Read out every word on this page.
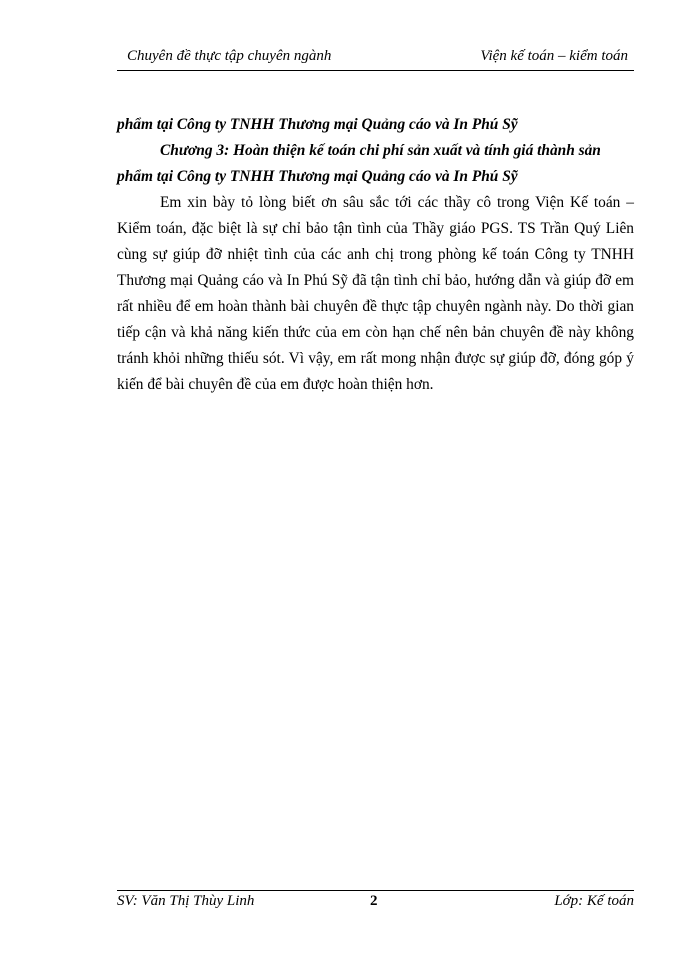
Chuyên đề thực tập chuyên ngành	Viện kế toán – kiểm toán

phẩm tại Công ty TNHH Thương mại Quảng cáo và In Phú Sỹ

Chương 3: Hoàn thiện kế toán chi phí sản xuất và tính giá thành sản

phẩm tại Công ty TNHH Thương mại Quảng cáo và In Phú Sỹ

Em xin bày tỏ lòng biết ơn sâu sắc tới các thầy cô trong Viện Kế toán – Kiểm toán, đặc biệt là sự chỉ bảo tận tình của Thầy giáo PGS. TS Trần Quý Liên cùng sự giúp đỡ nhiệt tình của các anh chị trong phòng kế toán Công ty TNHH Thương mại Quảng cáo và In Phú Sỹ đã tận tình chỉ bảo, hướng dẫn và giúp đỡ em rất nhiều để em hoàn thành bài chuyên đề thực tập chuyên ngành này. Do thời gian tiếp cận và khả năng kiến thức của em còn hạn chế nên bản chuyên đề này không tránh khỏi những thiếu sót. Vì vậy, em rất mong nhận được sự giúp đỡ, đóng góp ý kiến để bài chuyên đề của em được hoàn thiện hơn.

SV: Văn Thị Thùy Linh	2	Lớp: Kế toán
